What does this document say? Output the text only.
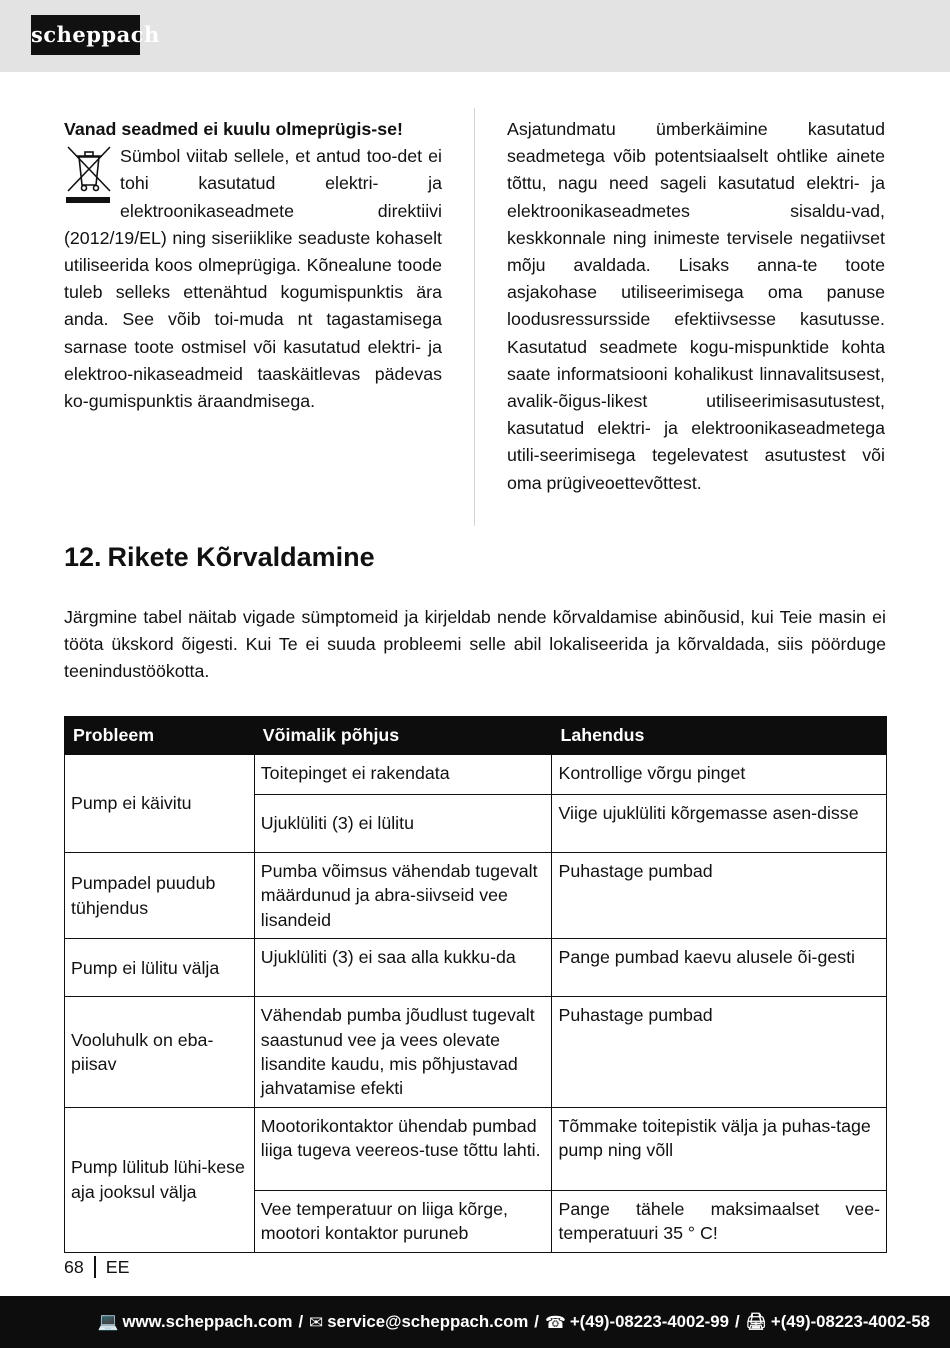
scheppach

Vanad seadmed ei kuulu olmeprügis-se!

Sümbol viitab sellele, et antud too-det ei tohi kasutatud elektri- ja elektroonikaseadmete direktiivi (2012/19/EL) ning siseriiklike seaduste kohaselt utiliseerida koos olmeprügiga. Kõnealune toode tuleb selleks ettenähtud kogumispunktis ära anda. See võib toi-muda nt tagastamisega sarnase toote ostmisel või kasutatud elektri- ja elektroo-nikaseadmeid taaskäitlevas pädevas ko-gumispunktis äraandmisega.

Asjatundmatu ümberkäimine kasutatud seadmetega võib potentsiaalselt ohtlike ainete tõttu, nagu need sageli kasutatud elektri- ja elektroonikaseadmetes sisaldu-vad, keskkonnale ning inimeste tervisele negatiivset mõju avaldada. Lisaks anna-te toote asjakohase utiliseerimisega oma panuse loodusressursside efektiivsesse kasutusse. Kasutatud seadmete kogu-mispunktide kohta saate informatsiooni kohalikust linnavalitsusest, avalik-õigus-likest utiliseerimisasutustest, kasutatud elektri- ja elektroonikaseadmetega utili-seerimisega tegelevatest asutustest või oma prügiveoettevõttest.

12. Rikete Kõrvaldamine

Järgmine tabel näitab vigade sümptomeid ja kirjeldab nende kõrvaldamise abinõusid, kui Teie masin ei tööta ükskord õigesti. Kui Te ei suuda probleemi selle abil lokaliseerida ja kõrvaldada, siis pöörduge teenindustöökotta.

Probleem	Võimalik põhjus	Lahendus
Pump ei käivitu	Toitepinget ei rakendata	Kontrollige võrgu pinget
	Ujuklüliti (3) ei lülitu	Viige ujuklüliti kõrgemasse asen-disse
Pumpadel puudub tühjendus	Pumba võimsus vähendab tugevalt määrdunud ja abra-siivseid vee lisandeid	Puhastage pumbad
Pump ei lülitu välja	Ujuklüliti (3) ei saa alla kukku-da	Pange pumbad kaevu alusele õi-gesti
Vooluhulk on eba-piisav	Vähendab pumba jõudlust tugevalt saastunud vee ja vees olevate lisandite kaudu, mis põhjustavad jahvatamise efekti	Puhastage pumbad
Pump lülitub lühi-kese aja jooksul välja	Mootorikontaktor ühendab pumbad liiga tugeva veereos-tuse tõttu lahti.	Tõmmake toitepistik välja ja puhas-tage pump ning võll
	Vee temperatuur on liiga kõrge, mootori kontaktor puruneb	Pange tähele maksimaalset vee-temperatuuri 35 ° C!
68 EE
💻 www.scheppach.com / ✉ service@scheppach.com / ☎ +(49)-08223-4002-99 / 🖨 +(49)-08223-4002-58
